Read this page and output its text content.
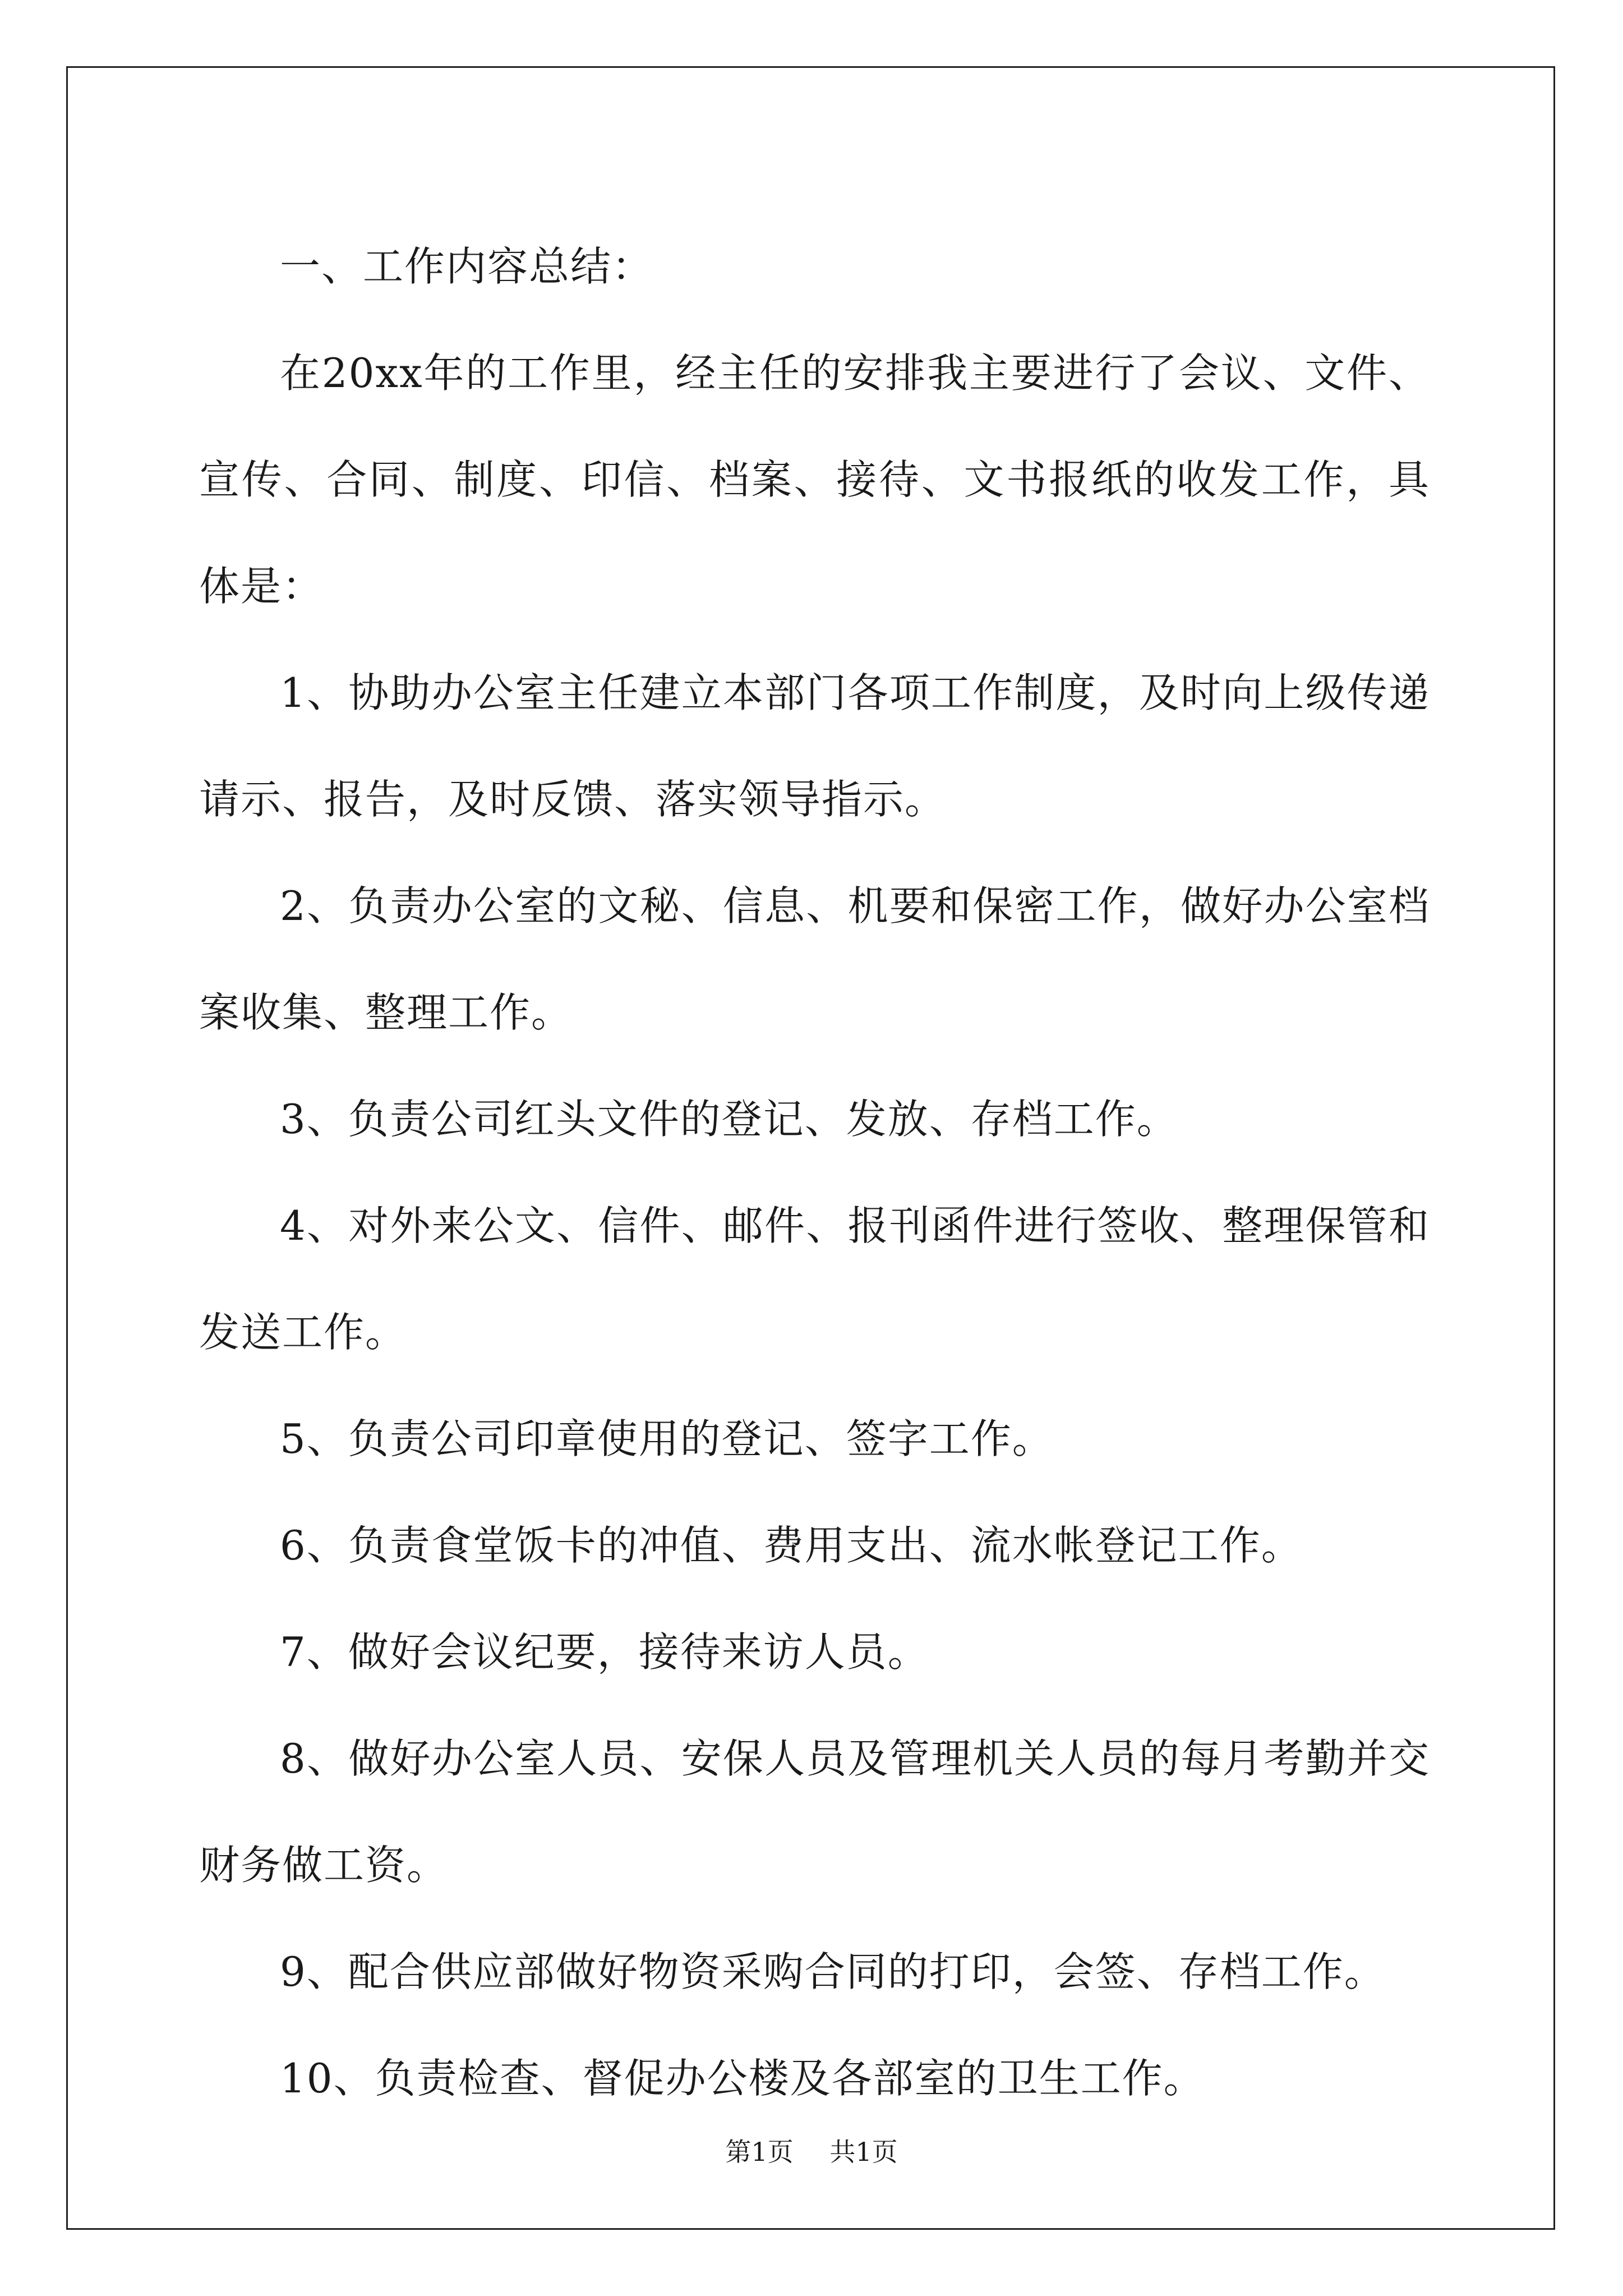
一、工作内容总结：

在20xx年的工作里，经主任的安排我主要进行了会议、文件、宣传、合同、制度、印信、档案、接待、文书报纸的收发工作，具体是：

1、协助办公室主任建立本部门各项工作制度，及时向上级传递请示、报告，及时反馈、落实领导指示。

2、负责办公室的文秘、信息、机要和保密工作，做好办公室档案收集、整理工作。

3、负责公司红头文件的登记、发放、存档工作。

4、对外来公文、信件、邮件、报刊函件进行签收、整理保管和发送工作。

5、负责公司印章使用的登记、签字工作。

6、负责食堂饭卡的冲值、费用支出、流水帐登记工作。

7、做好会议纪要，接待来访人员。

8、做好办公室人员、安保人员及管理机关人员的每月考勤并交财务做工资。

9、配合供应部做好物资采购合同的打印，会签、存档工作。

10、负责检查、督促办公楼及各部室的卫生工作。

第1页 共1页
